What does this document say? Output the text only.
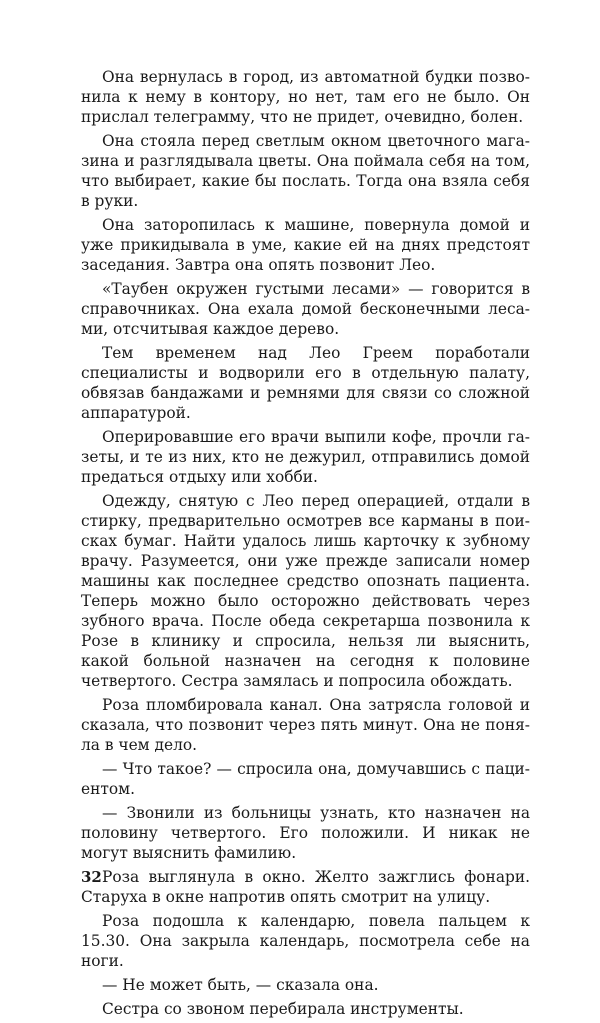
Она вернулась в город, из автоматной будки позвонила к нему в контору, но нет, там его не было. Он прислал телеграмму, что не придет, очевидно, болен.

Она стояла перед светлым окном цветочного магазина и разглядывала цветы. Она поймала себя на том, что выбирает, какие бы послать. Тогда она взяла себя в руки.

Она заторопилась к машине, повернула домой и уже прикидывала в уме, какие ей на днях предстоят заседания. Завтра она опять позвонит Лео.

«Таубен окружен густыми лесами» — говорится в справочниках. Она ехала домой бесконечными лесами, отсчитывая каждое дерево.

Тем временем над Лео Греем поработали специалисты и водворили его в отдельную палату, обвязав бандажами и ремнями для связи со сложной аппаратурой.

Оперировавшие его врачи выпили кофе, прочли газеты, и те из них, кто не дежурил, отправились домой предаться отдыху или хобби.

Одежду, снятую с Лео перед операцией, отдали в стирку, предварительно осмотрев все карманы в поисках бумаг. Найти удалось лишь карточку к зубному врачу. Разумеется, они уже прежде записали номер машины как последнее средство опознать пациента. Теперь можно было осторожно действовать через зубного врача. После обеда секретарша позвонила к Розе в клинику и спросила, нельзя ли выяснить, какой больной назначен на сегодня к половине четвертого. Сестра замялась и попросила обождать.

Роза пломбировала канал. Она затрясла головой и сказала, что позвонит через пять минут. Она не поняла в чем дело.

— Что такое? — спросила она, домучавшись с пациентом.

— Звонили из больницы узнать, кто назначен на половину четвертого. Его положили. И никак не могут выяснить фамилию.

Роза выглянула в окно. Желто зажглись фонари. Старуха в окне напротив опять смотрит на улицу.

Роза подошла к календарю, повела пальцем к 15.30. Она закрыла календарь, посмотрела себе на ноги.

— Не может быть, — сказала она.

Сестра со звоном перебирала инструменты.

32
